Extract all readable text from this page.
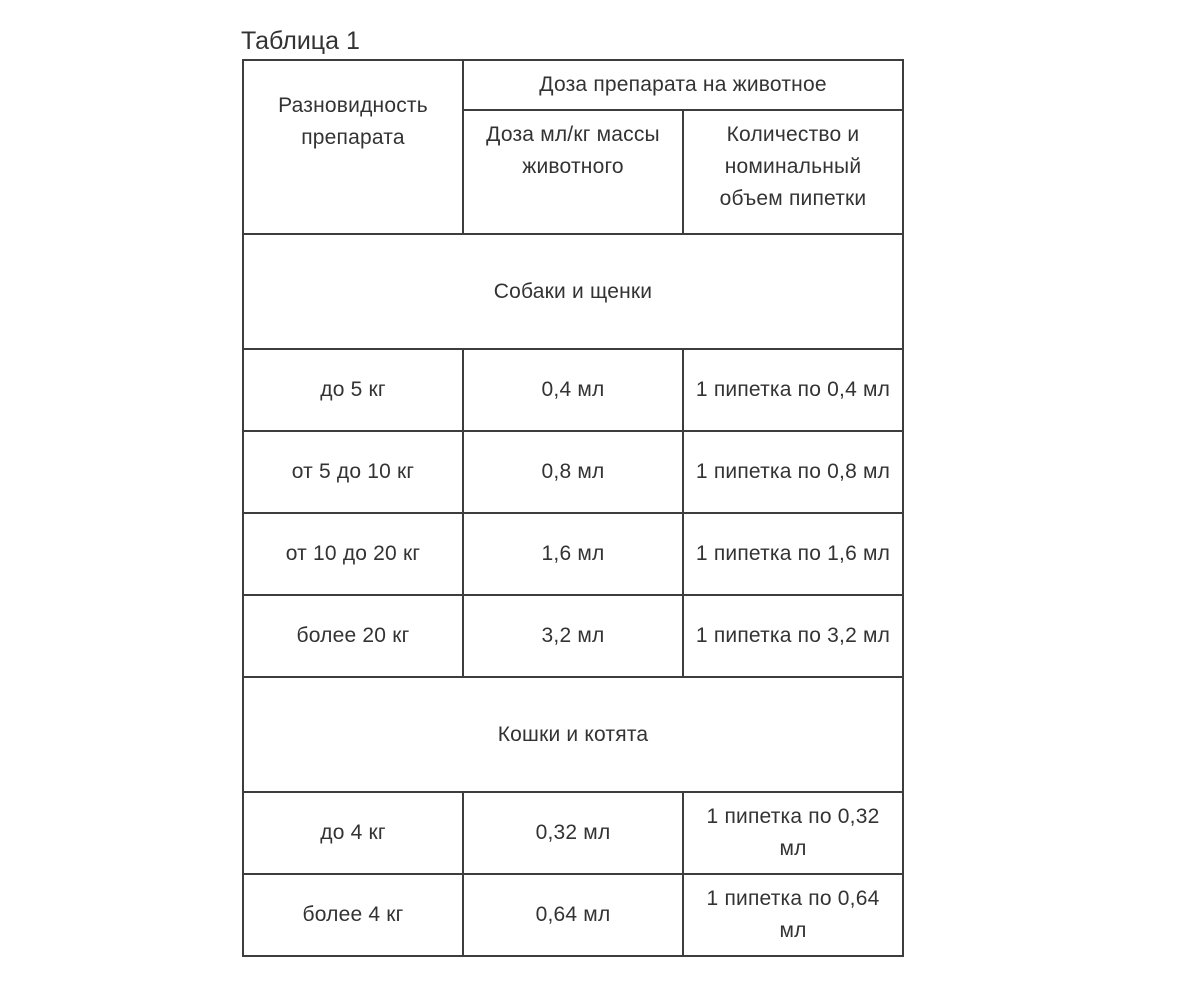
Таблица 1
Разновидность препарата	Доза препарата на животное	
	Доза мл/кг массы животного	Количество и номинальный объем пипетки
Собаки и щенки		
до 5 кг	0,4 мл	1 пипетка по 0,4 мл
от 5 до 10 кг	0,8 мл	1 пипетка по 0,8 мл
от 10 до 20 кг	1,6 мл	1 пипетка по 1,6 мл
более 20 кг	3,2 мл	1 пипетка по 3,2 мл
Кошки и котята		
до 4 кг	0,32 мл	1 пипетка по 0,32 мл
более 4 кг	0,64 мл	1 пипетка по 0,64 мл
